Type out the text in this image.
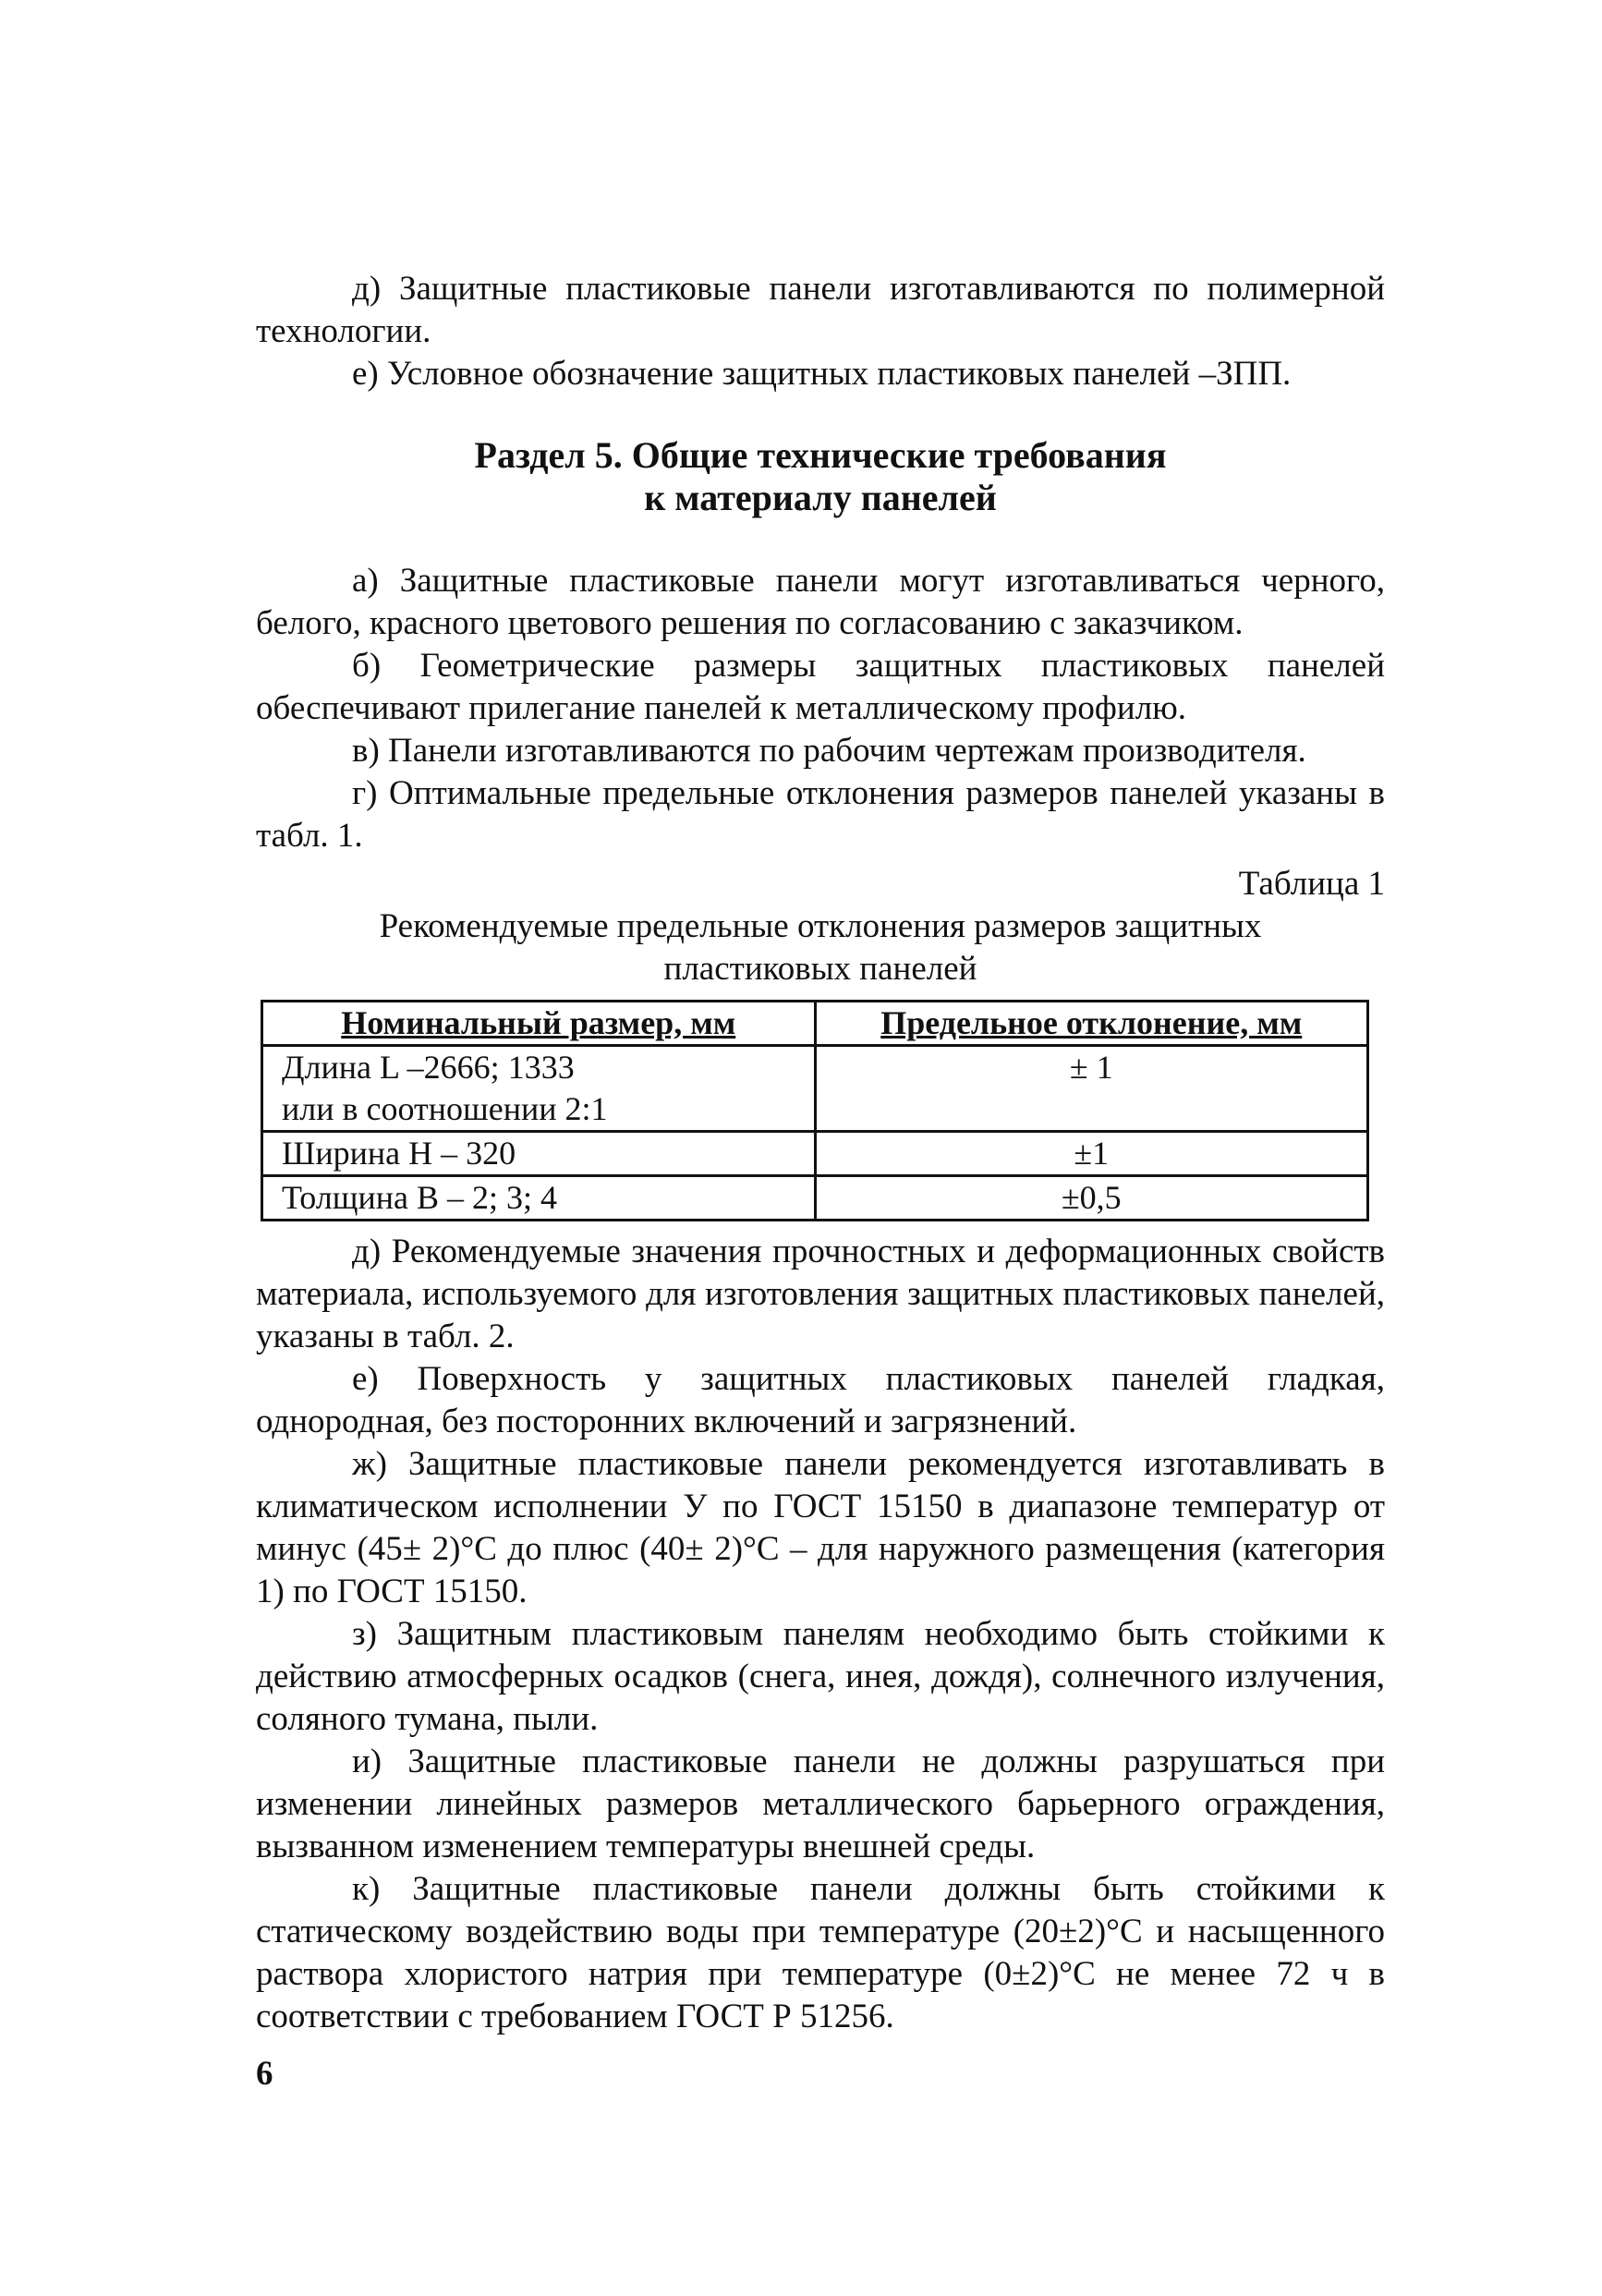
д) Защитные пластиковые панели изготавливаются по полимерной технологии.

е) Условное обозначение защитных пластиковых панелей –ЗПП.

Раздел 5. Общие технические требования
к материалу панелей

а) Защитные пластиковые панели могут изготавливаться черного, белого, красного цветового решения по согласованию с заказчиком.

б) Геометрические размеры защитных пластиковых панелей обеспечивают прилегание панелей к металлическому профилю.

в) Панели изготавливаются по рабочим чертежам производителя.

г) Оптимальные предельные отклонения размеров панелей указаны в табл. 1.

Таблица 1
Рекомендуемые предельные отклонения размеров защитных
пластиковых панелей
Номинальный размер, мм	Предельное отклонение, мм

Длина L –2666; 1333
или в соотношении 2:1	± 1
Ширина Н – 320	±1
Толщина В – 2; 3; 4	±0,5

д) Рекомендуемые значения прочностных и деформационных свойств материала, используемого для изготовления защитных пластиковых панелей, указаны в табл. 2.

е) Поверхность у защитных пластиковых панелей гладкая, однородная, без посторонних включений и загрязнений.

ж) Защитные пластиковые панели рекомендуется изготавливать в климатическом исполнении У по ГОСТ 15150 в диапазоне температур от минус (45± 2)°С до плюс (40± 2)°С – для наружного размещения (категория 1) по ГОСТ 15150.

з) Защитным пластиковым панелям необходимо быть стойкими к действию атмосферных осадков (снега, инея, дождя), солнечного излучения, соляного тумана, пыли.

и) Защитные пластиковые панели не должны разрушаться при изменении линейных размеров металлического барьерного ограждения, вызванном изменением температуры внешней среды.

к) Защитные пластиковые панели должны быть стойкими к статическому воздействию воды при температуре (20±2)°С и насыщенного раствора хлористого натрия при температуре (0±2)°С не менее 72 ч в соответствии с требованием ГОСТ Р 51256.

6
